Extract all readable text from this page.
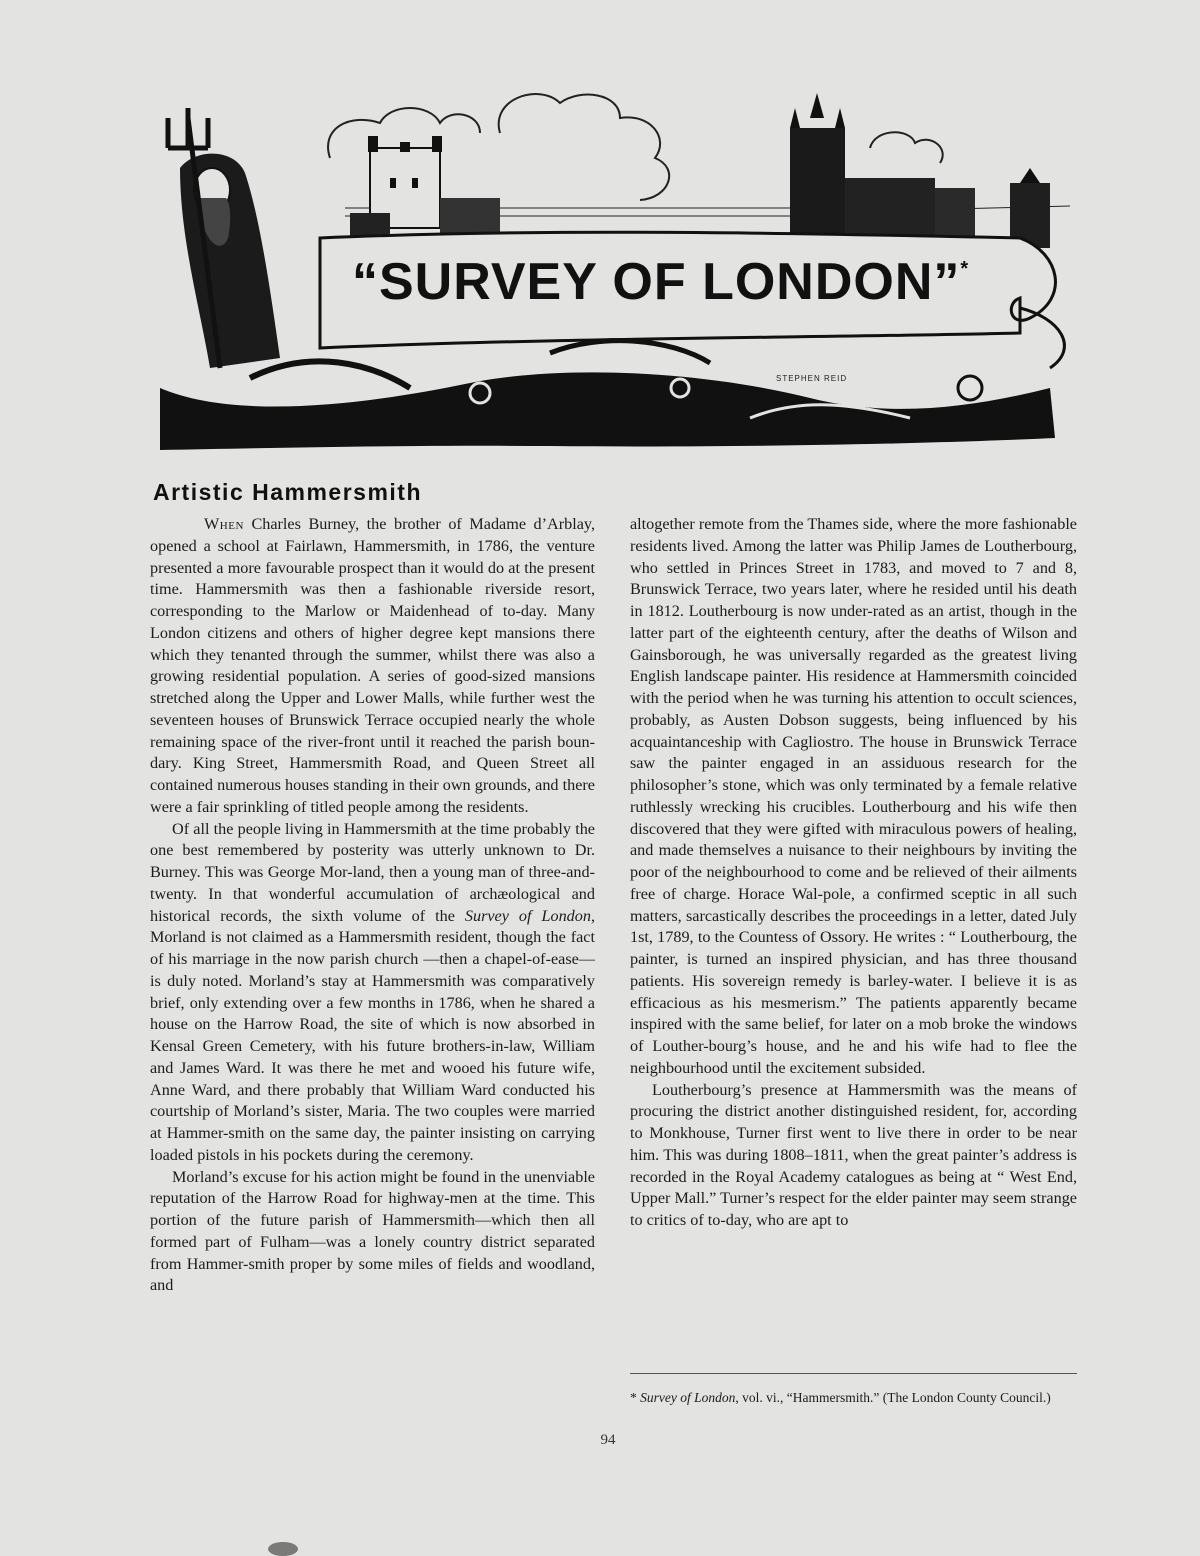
“SURVEY OF LONDON”*
STEPHEN REID
Artistic Hammersmith

When Charles Burney, the brother of Madame d’Arblay, opened a school at Fairlawn, Hammersmith, in 1786, the venture presented a more favourable prospect than it would do at the present time. Hammersmith was then a fashionable riverside resort, corresponding to the Marlow or Maidenhead of to-day. Many London citizens and others of higher degree kept mansions there which they tenanted through the summer, whilst there was also a growing residential population. A series of good-sized mansions stretched along the Upper and Lower Malls, while further west the seventeen houses of Brunswick Terrace occupied nearly the whole remaining space of the river-front until it reached the parish boun-dary. King Street, Hammersmith Road, and Queen Street all contained numerous houses standing in their own grounds, and there were a fair sprinkling of titled people among the residents.

Of all the people living in Hammersmith at the time probably the one best remembered by posterity was utterly unknown to Dr. Burney. This was George Mor-land, then a young man of three-and-twenty. In that wonderful accumulation of archæological and historical records, the sixth volume of the Survey of London, Morland is not claimed as a Hammersmith resident, though the fact of his marriage in the now parish church —then a chapel-of-ease—is duly noted. Morland’s stay at Hammersmith was comparatively brief, only extending over a few months in 1786, when he shared a house on the Harrow Road, the site of which is now absorbed in Kensal Green Cemetery, with his future brothers-in-law, William and James Ward. It was there he met and wooed his future wife, Anne Ward, and there probably that William Ward conducted his courtship of Morland’s sister, Maria. The two couples were married at Hammer-smith on the same day, the painter insisting on carrying loaded pistols in his pockets during the ceremony.

Morland’s excuse for his action might be found in the unenviable reputation of the Harrow Road for highway-men at the time. This portion of the future parish of Hammersmith—which then all formed part of Fulham—was a lonely country district separated from Hammer-smith proper by some miles of fields and woodland, and

altogether remote from the Thames side, where the more fashionable residents lived. Among the latter was Philip James de Loutherbourg, who settled in Princes Street in 1783, and moved to 7 and 8, Brunswick Terrace, two years later, where he resided until his death in 1812. Loutherbourg is now under-rated as an artist, though in the latter part of the eighteenth century, after the deaths of Wilson and Gainsborough, he was universally regarded as the greatest living English landscape painter. His residence at Hammersmith coincided with the period when he was turning his attention to occult sciences, probably, as Austen Dobson suggests, being influenced by his acquaintanceship with Cagliostro. The house in Brunswick Terrace saw the painter engaged in an assiduous research for the philosopher’s stone, which was only terminated by a female relative ruthlessly wrecking his crucibles. Loutherbourg and his wife then discovered that they were gifted with miraculous powers of healing, and made themselves a nuisance to their neighbours by inviting the poor of the neighbourhood to come and be relieved of their ailments free of charge. Horace Wal-pole, a confirmed sceptic in all such matters, sarcastically describes the proceedings in a letter, dated July 1st, 1789, to the Countess of Ossory. He writes : “ Loutherbourg, the painter, is turned an inspired physician, and has three thousand patients. His sovereign remedy is barley-water. I believe it is as efficacious as his mesmerism.” The patients apparently became inspired with the same belief, for later on a mob broke the windows of Louther-bourg’s house, and he and his wife had to flee the neighbourhood until the excitement subsided.

Loutherbourg’s presence at Hammersmith was the means of procuring the district another distinguished resident, for, according to Monkhouse, Turner first went to live there in order to be near him. This was during 1808–1811, when the great painter’s address is recorded in the Royal Academy catalogues as being at “ West End, Upper Mall.” Turner’s respect for the elder painter may seem strange to critics of to-day, who are apt to

* Survey of London, vol. vi., “Hammersmith.” (The London County Council.)
94
